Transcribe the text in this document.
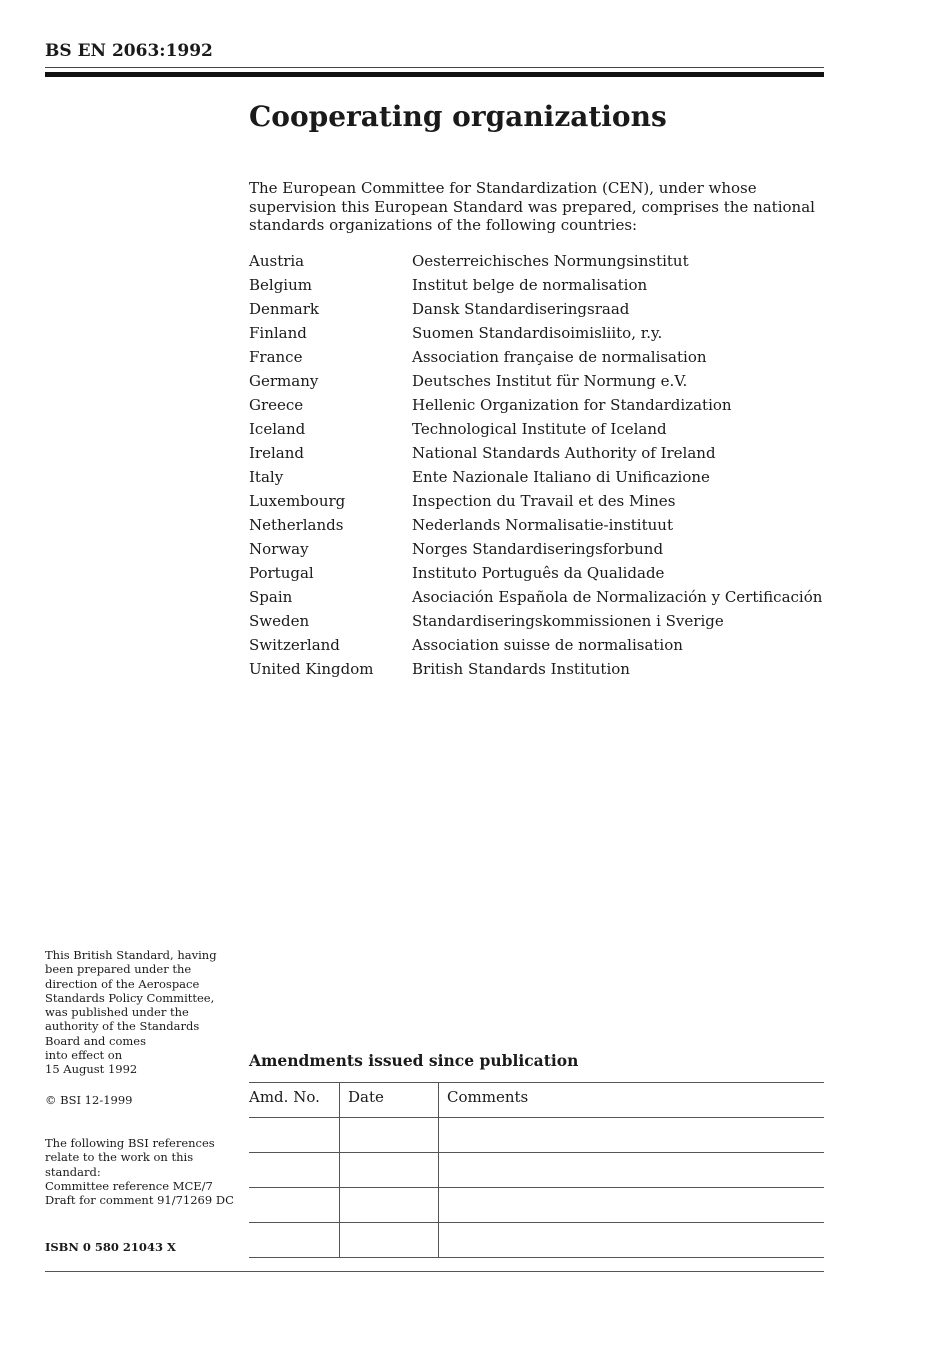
BS EN 2063:1992
Cooperating organizations

The European Committee for Standardization (CEN), under whose supervision this European Standard was prepared, comprises the national standards organizations of the following countries:

Austria	Oesterreichisches Normungsinstitut
Belgium	Institut belge de normalisation
Denmark	Dansk Standardiseringsraad
Finland	Suomen Standardisoimisliito, r.y.
France	Association française de normalisation
Germany	Deutsches Institut für Normung e.V.
Greece	Hellenic Organization for Standardization
Iceland	Technological Institute of Iceland
Ireland	National Standards Authority of Ireland
Italy	Ente Nazionale Italiano di Unificazione
Luxembourg	Inspection du Travail et des Mines
Netherlands	Nederlands Normalisatie-instituut
Norway	Norges Standardiseringsforbund
Portugal	Instituto Português da Qualidade
Spain	Asociación Española de Normalización y Certificación
Sweden	Standardiseringskommissionen i Sverige
Switzerland	Association suisse de normalisation
United Kingdom	British Standards Institution
This British Standard, having
been prepared under the
direction of the Aerospace
Standards Policy Committee,
was published under the
authority of the Standards
Board and comes
into effect on
15 August 1992
© BSI 12-1999
The following BSI references
relate to the work on this
standard:
Committee reference MCE/7
Draft for comment 91/71269 DC
ISBN 0 580 21043 X
Amendments issued since publication
Amd. No.	Date	Comments
